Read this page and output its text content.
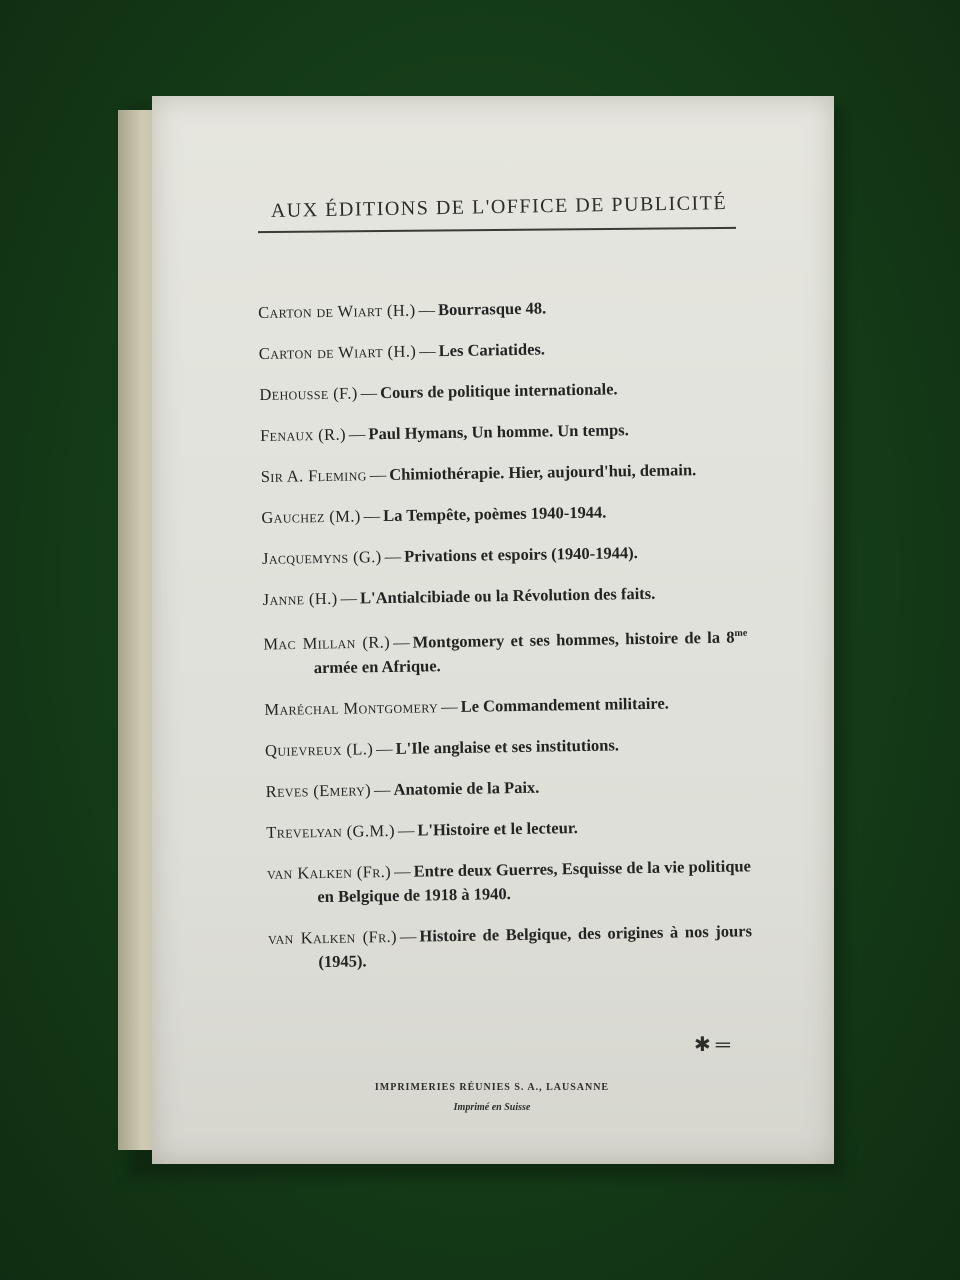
AUX ÉDITIONS DE L'OFFICE DE PUBLICITÉ
Carton de Wiart (H.) — Bourrasque 48.
Carton de Wiart (H.) — Les Cariatides.
Dehousse (F.) — Cours de politique internationale.
Fenaux (R.) — Paul Hymans, Un homme. Un temps.
Sir A. Fleming — Chimiothérapie. Hier, aujourd'hui, demain.
Gauchez (M.) — La Tempête, poèmes 1940-1944.
Jacquemyns (G.) — Privations et espoirs (1940-1944).
Janne (H.) — L'Antialcibiade ou la Révolution des faits.
Mac Millan (R.) — Montgomery et ses hommes, histoire de la $8^{me}$ armée en Afrique.
Maréchal Montgomery — Le Commandement militaire.
Quievreux (L.) — L'Ile anglaise et ses institutions.
Reves (Emery) — Anatomie de la Paix.
Trevelyan (G.M.) — L'Histoire et le lecteur.
van Kalken (Fr.) — Entre deux Guerres, Esquisse de la vie politique en Belgique de 1918 à 1940.
van Kalken (Fr.) — Histoire de Belgique, des origines à nos jours (1945).
✱ ═
IMPRIMERIES RÉUNIES S. A., LAUSANNE
Imprimé en Suisse
